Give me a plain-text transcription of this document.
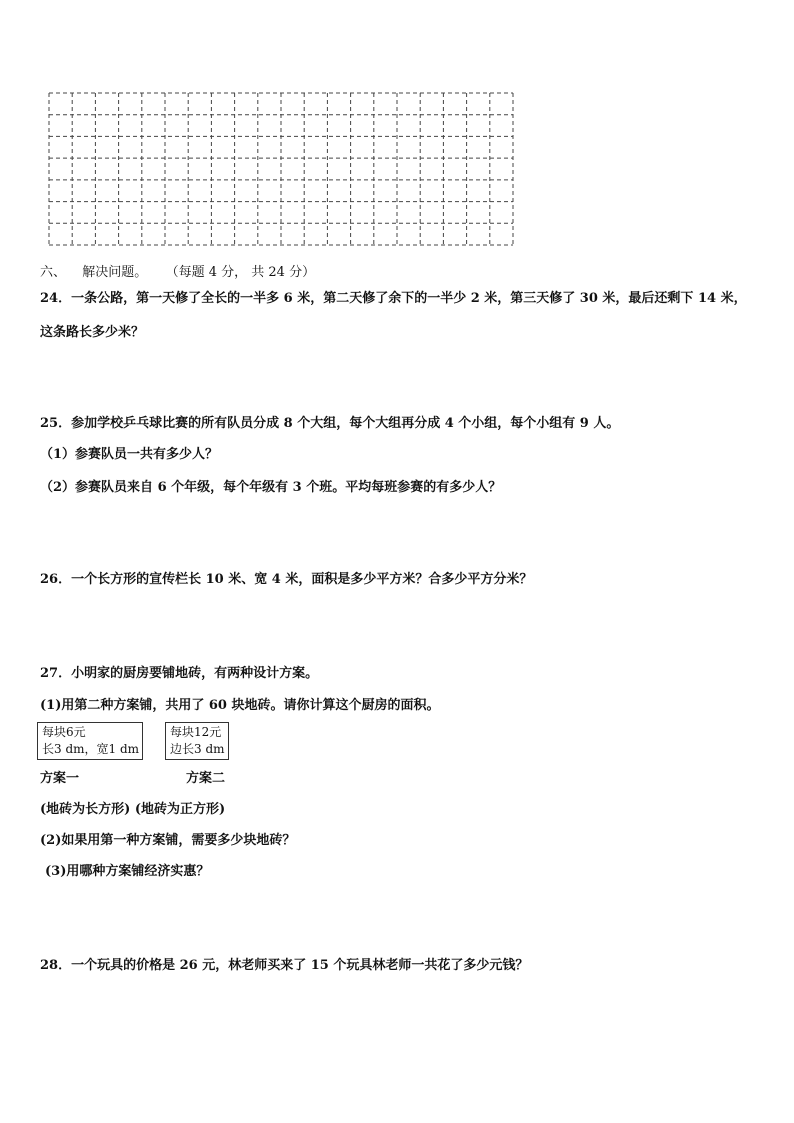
六、 解决问题。 （每题 4 分， 共 24 分）
24．一条公路，第一天修了全长的一半多 6 米，第二天修了余下的一半少 2 米，第三天修了 30 米，最后还剩下 14 米，
这条路长多少米？
25．参加学校乒乓球比赛的所有队员分成 8 个大组，每个大组再分成 4 个小组，每个小组有 9 人。
（1）参赛队员一共有多少人？
（2）参赛队员来自 6 个年级，每个年级有 3 个班。平均每班参赛的有多少人？
26．一个长方形的宣传栏长 10 米、宽 4 米，面积是多少平方米？合多少平方分米？
27．小明家的厨房要铺地砖，有两种设计方案。
(1)用第二种方案铺，共用了 60 块地砖。请你计算这个厨房的面积。
每块6元
长3 dm，宽1 dm
每块12元
边长3 dm
方案一	方案二
(地砖为长方形) (地砖为正方形)
(2)如果用第一种方案铺，需要多少块地砖？
(3)用哪种方案铺经济实惠？
28．一个玩具的价格是 26 元，林老师买来了 15 个玩具林老师一共花了多少元钱？
